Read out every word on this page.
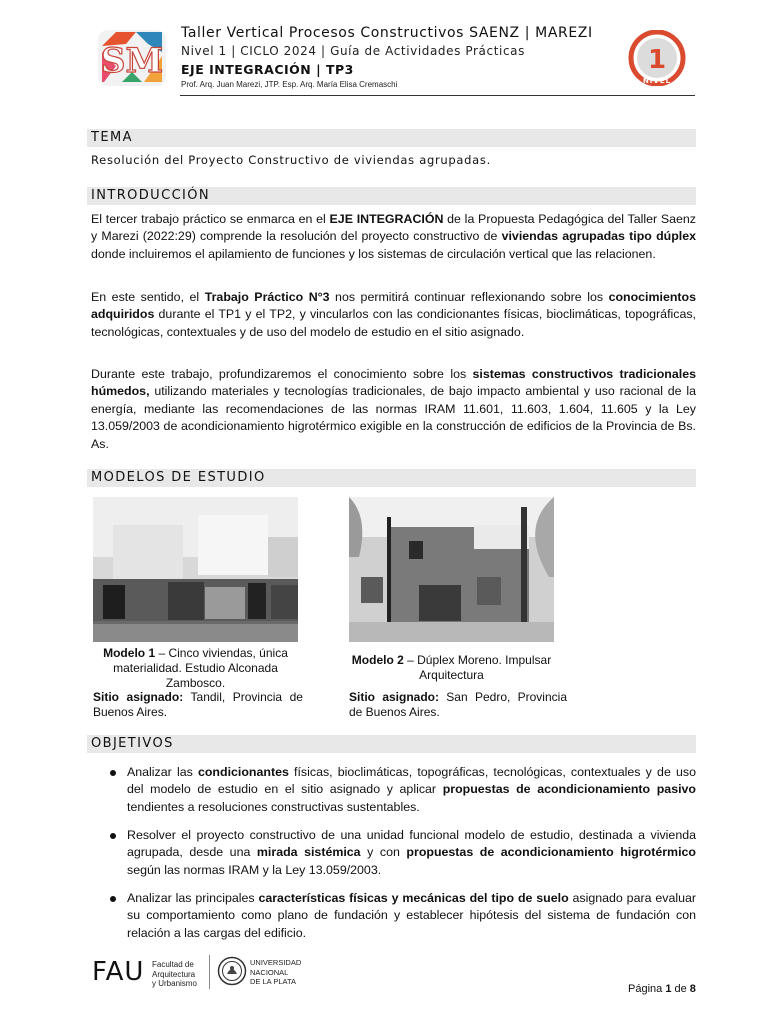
SM
Taller Vertical Procesos Constructivos SAENZ | MAREZI
Nivel 1 | CICLO 2024 | Guía de Actividades Prácticas
EJE INTEGRACIÓN | TP3
Prof. Arq. Juan Marezi, JTP. Esp. Arq. María Elisa Cremaschi
1
NIVEL
TEMA
Resolución del Proyecto Constructivo de viviendas agrupadas.
INTRODUCCIÓN

El tercer trabajo práctico se enmarca en el EJE INTEGRACIÓN de la Propuesta Pedagógica del Taller Saenz y Marezi (2022:29) comprende la resolución del proyecto constructivo de viviendas agrupadas tipo dúplex donde incluiremos el apilamiento de funciones y los sistemas de circulación vertical que las relacionen.

En este sentido, el Trabajo Práctico N°3 nos permitirá continuar reflexionando sobre los conocimientos adquiridos durante el TP1 y el TP2, y vincularlos con las condicionantes físicas, bioclimáticas, topográficas, tecnológicas, contextuales y de uso del modelo de estudio en el sitio asignado.

Durante este trabajo, profundizaremos el conocimiento sobre los sistemas constructivos tradicionales húmedos, utilizando materiales y tecnologías tradicionales, de bajo impacto ambiental y uso racional de la energía, mediante las recomendaciones de las normas IRAM 11.601, 11.603, 1.604, 11.605 y la Ley 13.059/2003 de acondicionamiento higrotérmico exigible en la construcción de edificios de la Provincia de Bs. As.

MODELOS DE ESTUDIO

Modelo 1 – Cinco viviendas, única materialidad. Estudio Alconada Zambosco.

Modelo 2 – Dúplex Moreno. Impulsar Arquitectura

Sitio asignado: Tandil, Provincia de Buenos Aires.

Sitio asignado: San Pedro, Provincia de Buenos Aires.

OBJETIVOS

Analizar las condicionantes físicas, bioclimáticas, topográficas, tecnológicas, contextuales y de uso del modelo de estudio en el sitio asignado y aplicar propuestas de acondicionamiento pasivo tendientes a resoluciones constructivas sustentables.

Resolver el proyecto constructivo de una unidad funcional modelo de estudio, destinada a vivienda agrupada, desde una mirada sistémica y con propuestas de acondicionamiento higrotérmico según las normas IRAM y la Ley 13.059/2003.

Analizar las principales características físicas y mecánicas del tipo de suelo asignado para evaluar su comportamiento como plano de fundación y establecer hipótesis del sistema de fundación con relación a las cargas del edificio.

FAU Facultad de
Arquitectura
y Urbanismo
UNIVERSIDAD
NACIONAL
DE LA PLATA
Página 1 de 8
